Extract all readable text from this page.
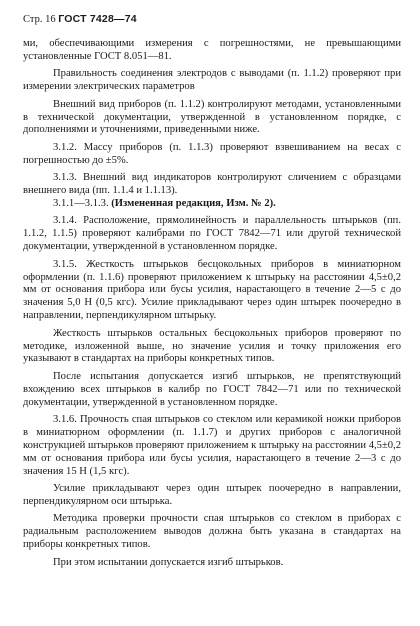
Стр. 16 ГОСТ 7428—74

ми, обеспечивающими измерения с погрешностями, не превышающими установленные ГОСТ 8.051—81.

Правильность соединения электродов с выводами (п. 1.1.2) проверяют при измерении электрических параметров

Внешний вид приборов (п. 1.1.2) контролируют методами, установленными в технической документации, утвержденной в установленном порядке, с дополнениями и уточнениями, приведенными ниже.

3.1.2. Массу приборов (п. 1.1.3) проверяют взвешиванием на весах с погрешностью до ±5%.

3.1.3. Внешний вид индикаторов контролируют сличением с образцами внешнего вида (пп. 1.1.4 и 1.1.13).

3.1.1—3.1.3. (Измененная редакция, Изм. № 2).

3.1.4. Расположение, прямолинейность и параллельность штырьков (пп. 1.1.2, 1.1.5) проверяют калибрами по ГОСТ 7842—71 или другой технической документации, утвержденной в установленном порядке.

3.1.5. Жесткость штырьков бесцокольных приборов в миниатюрном оформлении (п. 1.1.6) проверяют приложением к штырьку на расстоянии 4,5±0,2 мм от основания прибора или бусы усилия, нарастающего в течение 2—5 с до значения 5,0 Н (0,5 кгс). Усилие прикладывают через один штырек поочередно в направлении, перпендикулярном штырьку.

Жесткость штырьков остальных бесцокольных приборов проверяют по методике, изложенной выше, но значение усилия и точку приложения его указывают в стандартах на приборы конкретных типов.

После испытания допускается изгиб штырьков, не препятствующий вхождению всех штырьков в калибр по ГОСТ 7842—71 или по технической документации, утвержденной в установленном порядке.

3.1.6. Прочность спая штырьков со стеклом или керамикой ножки приборов в миниатюрном оформлении (п. 1.1.7) и других приборов с аналогичной конструкцией штырьков проверяют приложением к штырьку на расстоянии 4,5±0,2 мм от основания прибора или бусы усилия, нарастающего в течение 2—3 с до значения 15 Н (1,5 кгс).

Усилие прикладывают через один штырек поочередно в направлении, перпендикулярном оси штырька.

Методика проверки прочности спая штырьков со стеклом в приборах с радиальным расположением выводов должна быть указана в стандартах на приборы конкретных типов.

При этом испытании допускается изгиб штырьков.
